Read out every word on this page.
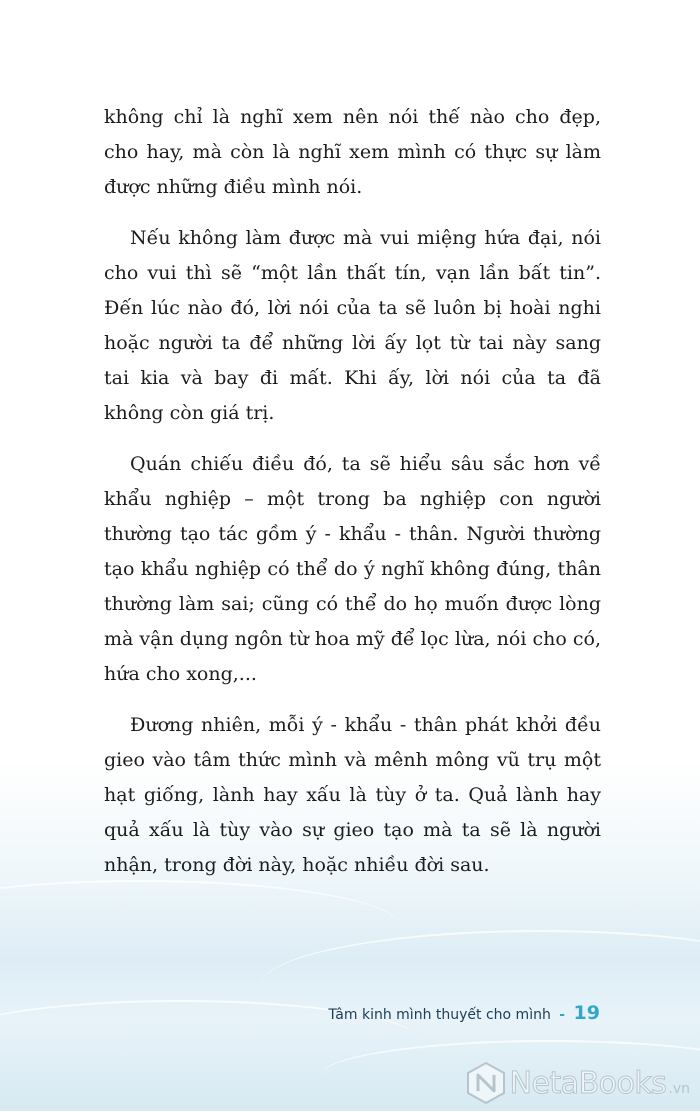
không chỉ là nghĩ xem nên nói thế nào cho đẹp, cho hay, mà còn là nghĩ xem mình có thực sự làm được những điều mình nói.

Nếu không làm được mà vui miệng hứa đại, nói cho vui thì sẽ “một lần thất tín, vạn lần bất tin”. Đến lúc nào đó, lời nói của ta sẽ luôn bị hoài nghi hoặc người ta để những lời ấy lọt từ tai này sang tai kia và bay đi mất. Khi ấy, lời nói của ta đã không còn giá trị.

Quán chiếu điều đó, ta sẽ hiểu sâu sắc hơn về khẩu nghiệp – một trong ba nghiệp con người thường tạo tác gồm ý - khẩu - thân. Người thường tạo khẩu nghiệp có thể do ý nghĩ không đúng, thân thường làm sai; cũng có thể do họ muốn được lòng mà vận dụng ngôn từ hoa mỹ để lọc lừa, nói cho có, hứa cho xong,...

Đương nhiên, mỗi ý - khẩu - thân phát khởi đều gieo vào tâm thức mình và mênh mông vũ trụ một hạt giống, lành hay xấu là tùy ở ta. Quả lành hay quả xấu là tùy vào sự gieo tạo mà ta sẽ là người nhận, trong đời này, hoặc nhiều đời sau.

Tâm kinh mình thuyết cho mình - 19
NetaBooks .vn
